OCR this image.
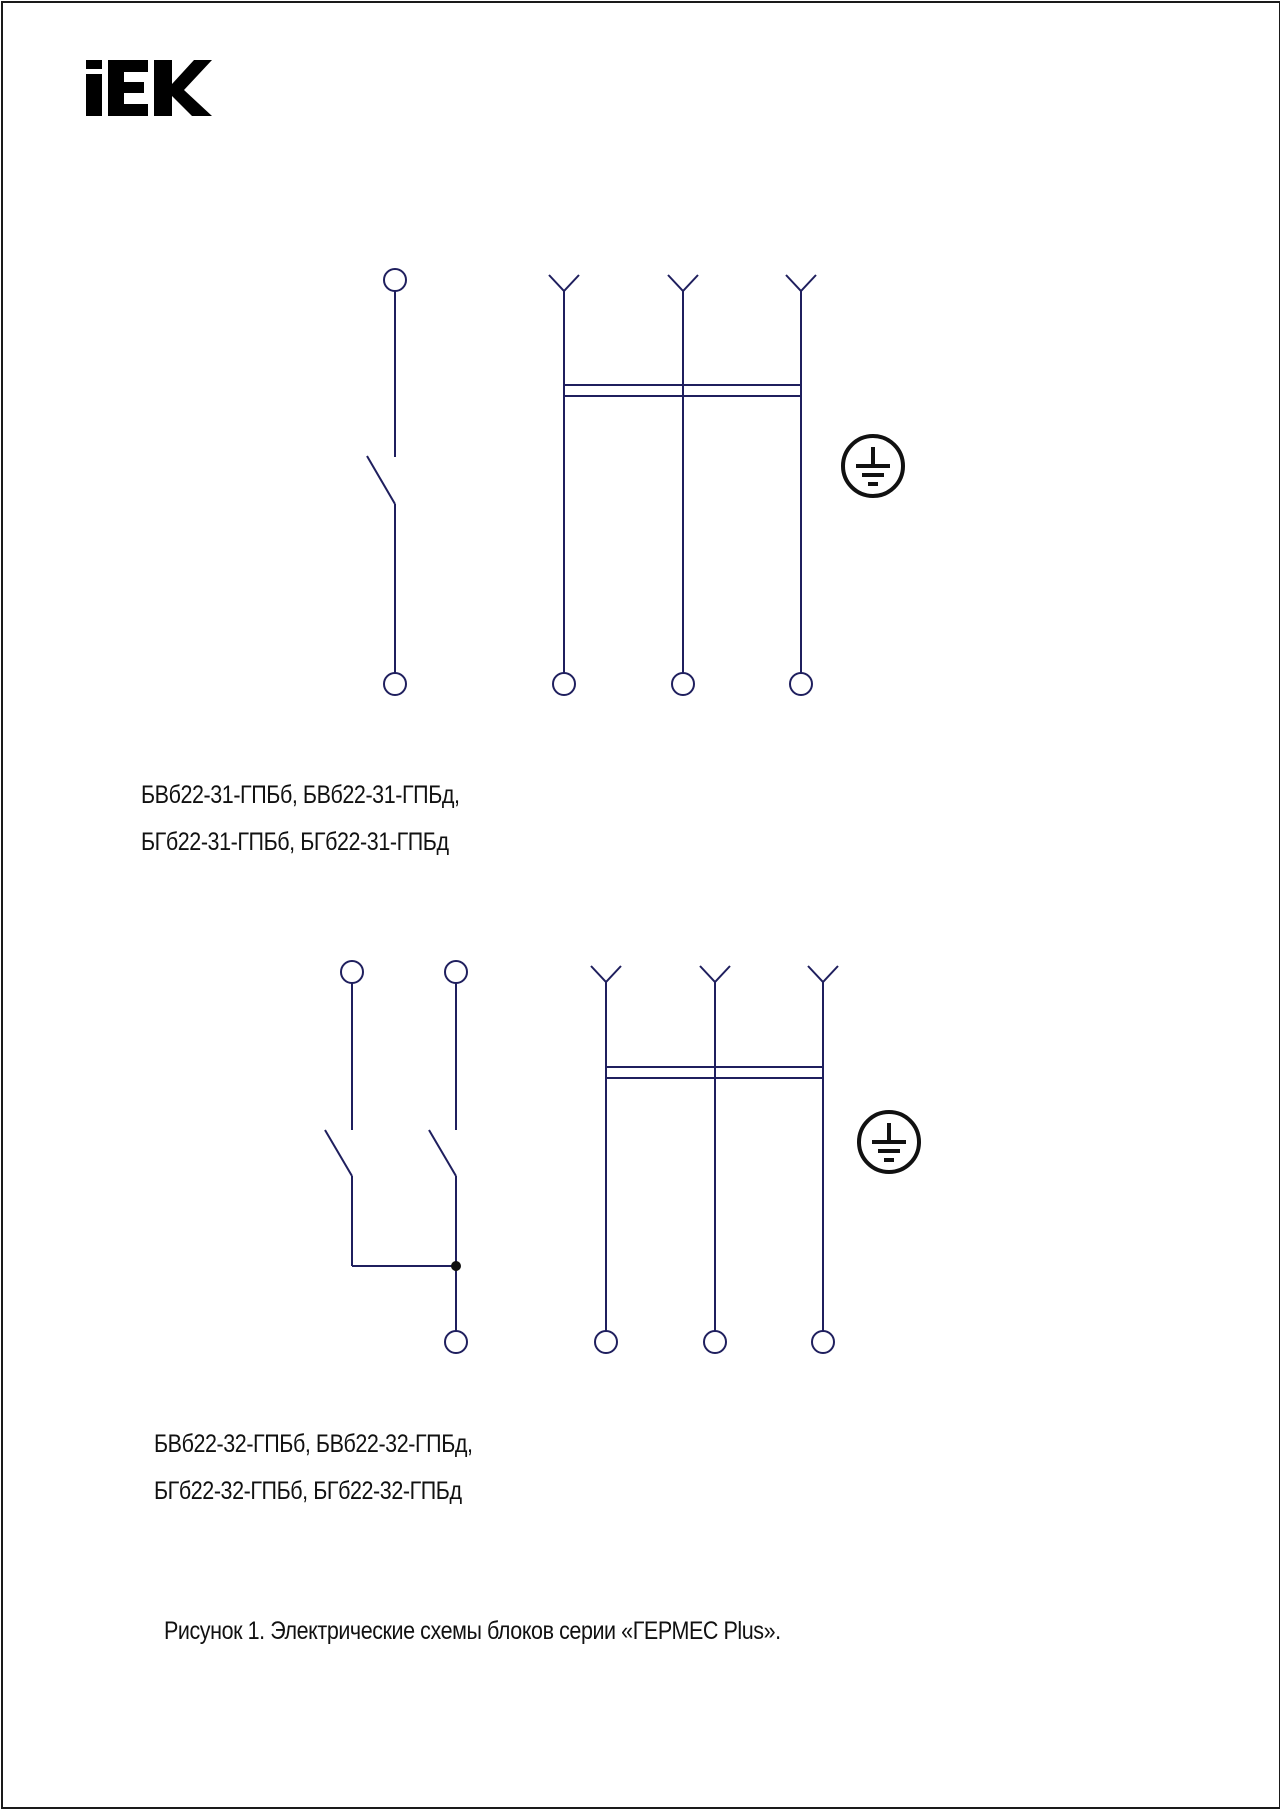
БВб22-31-ГПБб, БВб22-31-ГПБд,
БГб22-31-ГПБб, БГб22-31-ГПБд
БВб22-32-ГПБб, БВб22-32-ГПБд,
БГб22-32-ГПБб, БГб22-32-ГПБд
Рисунок 1. Электрические схемы блоков серии «ГЕРМЕС Plus».
